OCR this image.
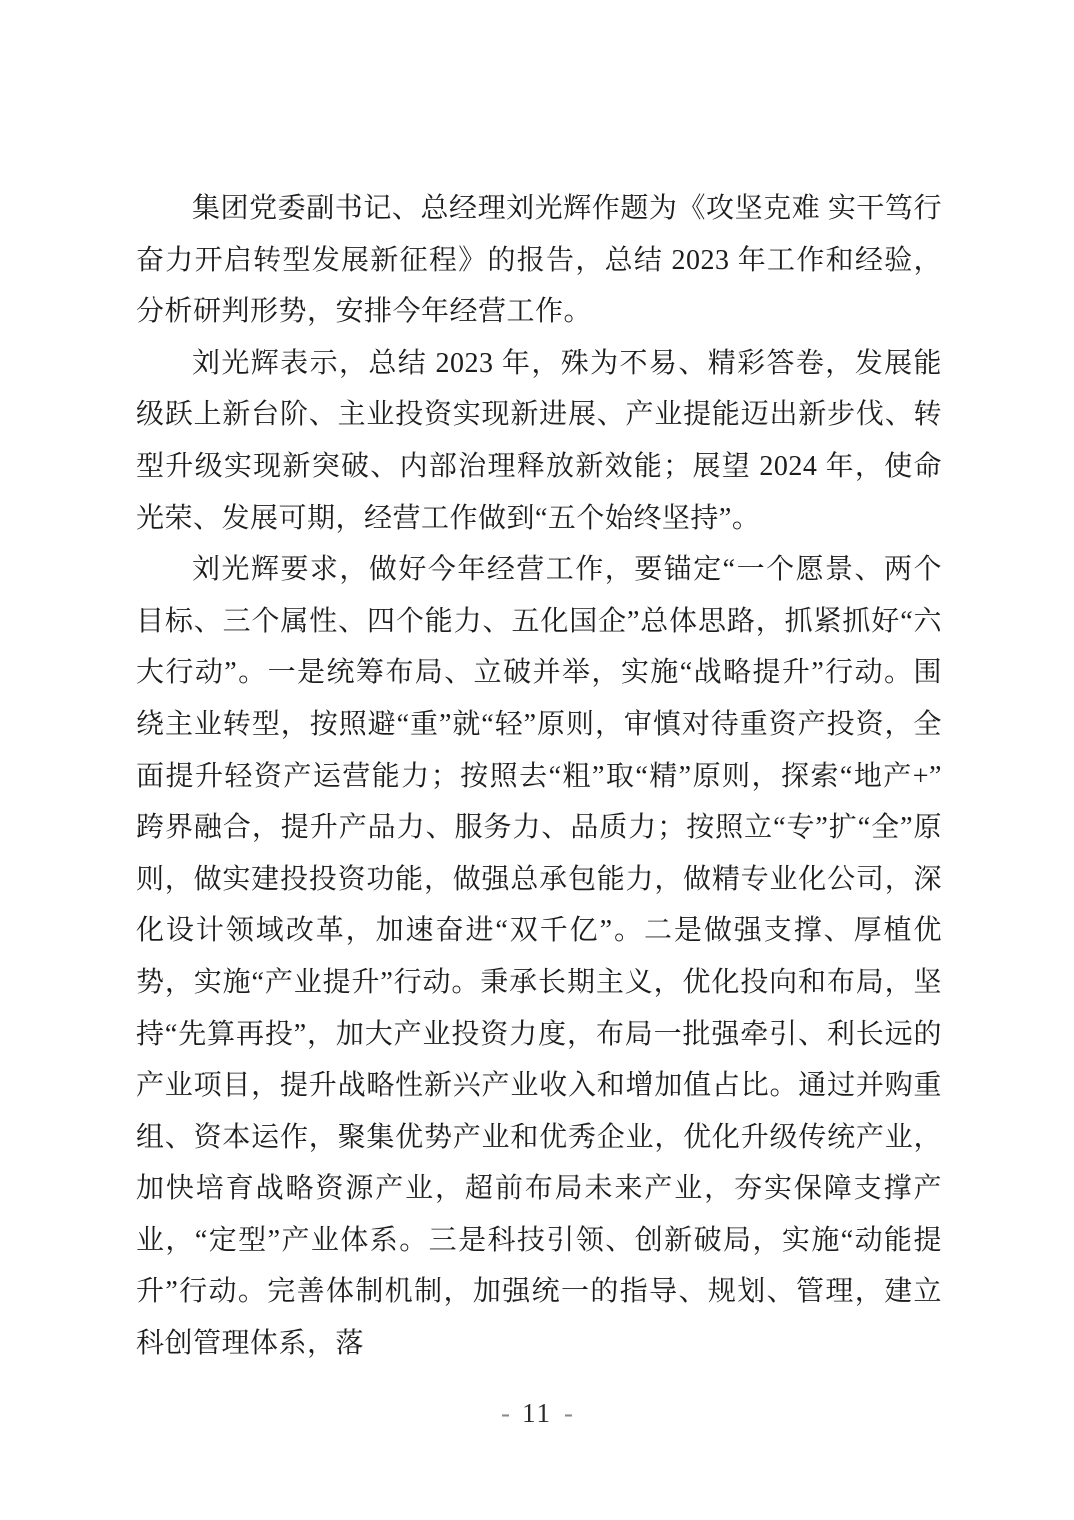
集团党委副书记、总经理刘光辉作题为《攻坚克难 实干笃行 奋力开启转型发展新征程》的报告，总结 2023 年工作和经验，分析研判形势，安排今年经营工作。

刘光辉表示，总结 2023 年，殊为不易、精彩答卷，发展能级跃上新台阶、主业投资实现新进展、产业提能迈出新步伐、转型升级实现新突破、内部治理释放新效能；展望 2024 年，使命光荣、发展可期，经营工作做到“五个始终坚持”。

刘光辉要求，做好今年经营工作，要锚定“一个愿景、两个目标、三个属性、四个能力、五化国企”总体思路，抓紧抓好“六大行动”。一是统筹布局、立破并举，实施“战略提升”行动。围绕主业转型，按照避“重”就“轻”原则，审慎对待重资产投资，全面提升轻资产运营能力；按照去“粗”取“精”原则，探索“地产+”跨界融合，提升产品力、服务力、品质力；按照立“专”扩“全”原则，做实建投投资功能，做强总承包能力，做精专业化公司，深化设计领域改革，加速奋进“双千亿”。二是做强支撑、厚植优势，实施“产业提升”行动。秉承长期主义，优化投向和布局，坚持“先算再投”，加大产业投资力度，布局一批强牵引、利长远的产业项目，提升战略性新兴产业收入和增加值占比。通过并购重组、资本运作，聚集优势产业和优秀企业，优化升级传统产业，加快培育战略资源产业，超前布局未来产业，夯实保障支撑产业，“定型”产业体系。三是科技引领、创新破局，实施“动能提升”行动。完善体制机制，加强统一的指导、规划、管理，建立科创管理体系，落

- 11 -
